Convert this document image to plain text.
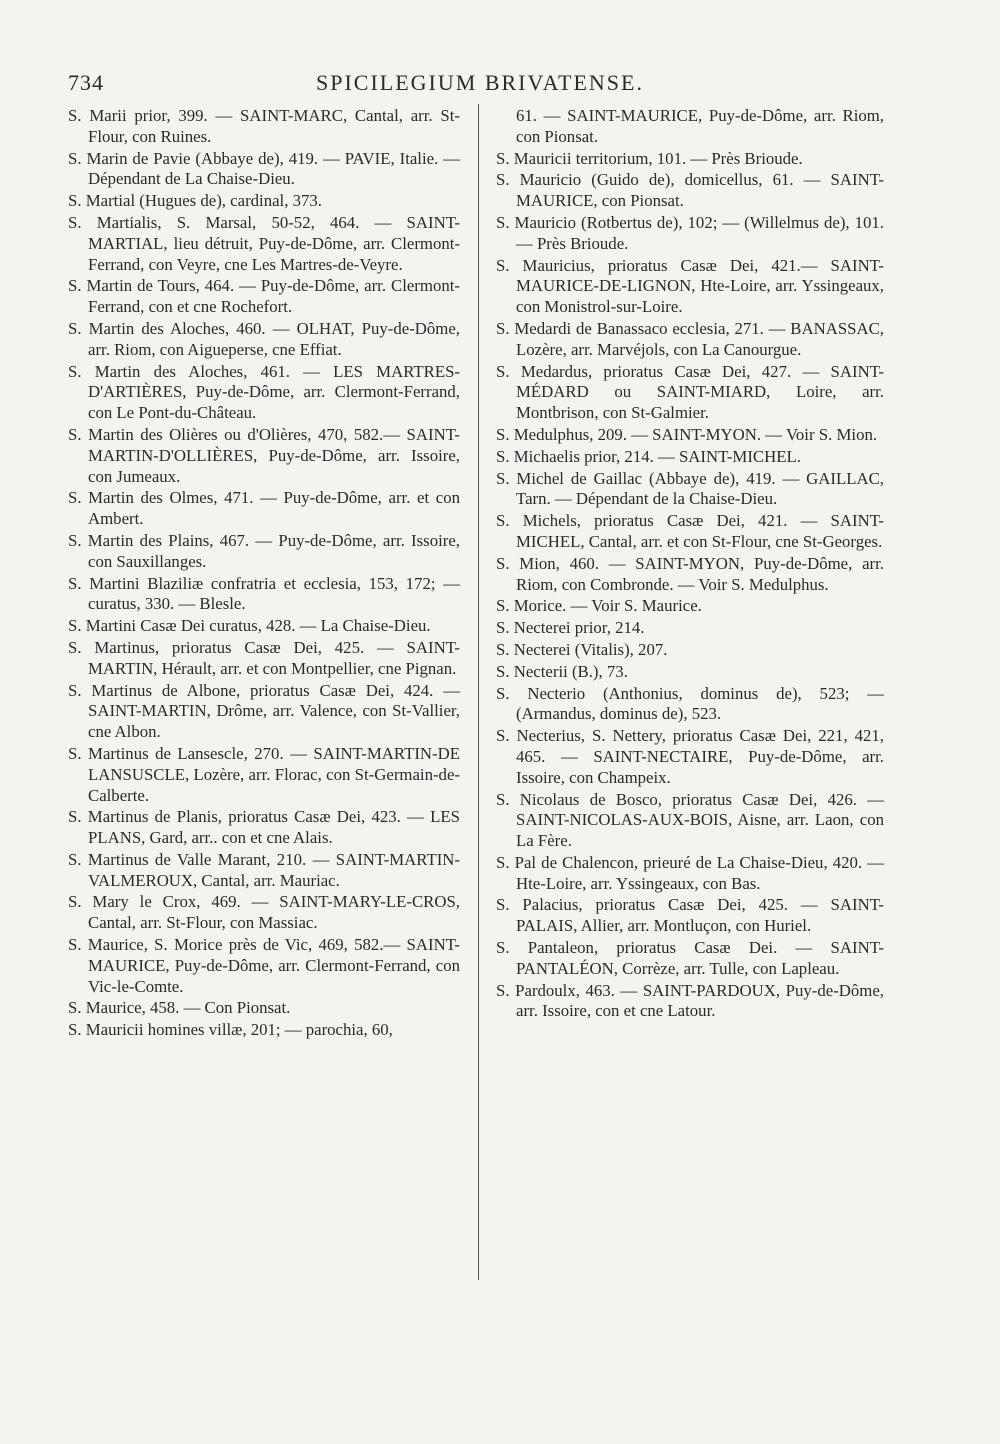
734	SPICILEGIUM BRIVATENSE.

S. Marii prior, 399. — SAINT-MARC, Cantal, arr. St-Flour, con Ruines.

S. Marin de Pavie (Abbaye de), 419. — PAVIE, Italie. — Dépendant de La Chaise-Dieu.

S. Martial (Hugues de), cardinal, 373.

S. Martialis, S. Marsal, 50-52, 464. — SAINT-MARTIAL, lieu détruit, Puy-de-Dôme, arr. Clermont-Ferrand, con Veyre, cne Les Martres-de-Veyre.

S. Martin de Tours, 464. — Puy-de-Dôme, arr. Clermont-Ferrand, con et cne Rochefort.

S. Martin des Aloches, 460. — OLHAT, Puy-de-Dôme, arr. Riom, con Aigueperse, cne Effiat.

S. Martin des Aloches, 461. — LES MARTRES-D'ARTIÈRES, Puy-de-Dôme, arr. Clermont-Ferrand, con Le Pont-du-Château.

S. Martin des Olières ou d'Olières, 470, 582.— SAINT-MARTIN-D'OLLIÈRES, Puy-de-Dôme, arr. Issoire, con Jumeaux.

S. Martin des Olmes, 471. — Puy-de-Dôme, arr. et con Ambert.

S. Martin des Plains, 467. — Puy-de-Dôme, arr. Issoire, con Sauxillanges.

S. Martini Blaziliæ confratria et ecclesia, 153, 172; — curatus, 330. — Blesle.

S. Martini Casæ Dei curatus, 428. — La Chaise-Dieu.

S. Martinus, prioratus Casæ Dei, 425. — SAINT-MARTIN, Hérault, arr. et con Montpellier, cne Pignan.

S. Martinus de Albone, prioratus Casæ Dei, 424. — SAINT-MARTIN, Drôme, arr. Valence, con St-Vallier, cne Albon.

S. Martinus de Lansescle, 270. — SAINT-MARTIN-DE LANSUSCLE, Lozère, arr. Florac, con St-Germain-de-Calberte.

S. Martinus de Planis, prioratus Casæ Dei, 423. — LES PLANS, Gard, arr.. con et cne Alais.

S. Martinus de Valle Marant, 210. — SAINT-MARTIN-VALMEROUX, Cantal, arr. Mauriac.

S. Mary le Crox, 469. — SAINT-MARY-LE-CROS, Cantal, arr. St-Flour, con Massiac.

S. Maurice, S. Morice près de Vic, 469, 582.— SAINT-MAURICE, Puy-de-Dôme, arr. Clermont-Ferrand, con Vic-le-Comte.

S. Maurice, 458. — Con Pionsat.

S. Mauricii homines villæ, 201; — parochia, 60,

61. — SAINT-MAURICE, Puy-de-Dôme, arr. Riom, con Pionsat.

S. Mauricii territorium, 101. — Près Brioude.

S. Mauricio (Guido de), domicellus, 61. — SAINT-MAURICE, con Pionsat.

S. Mauricio (Rotbertus de), 102; — (Willelmus de), 101. — Près Brioude.

S. Mauricius, prioratus Casæ Dei, 421.— SAINT-MAURICE-DE-LIGNON, Hte-Loire, arr. Yssingeaux, con Monistrol-sur-Loire.

S. Medardi de Banassaco ecclesia, 271. — BANASSAC, Lozère, arr. Marvéjols, con La Canourgue.

S. Medardus, prioratus Casæ Dei, 427. — SAINT-MÉDARD ou SAINT-MIARD, Loire, arr. Montbrison, con St-Galmier.

S. Medulphus, 209. — SAINT-MYON. — Voir S. Mion.

S. Michaelis prior, 214. — SAINT-MICHEL.

S. Michel de Gaillac (Abbaye de), 419. — GAILLAC, Tarn. — Dépendant de la Chaise-Dieu.

S. Michels, prioratus Casæ Dei, 421. — SAINT-MICHEL, Cantal, arr. et con St-Flour, cne St-Georges.

S. Mion, 460. — SAINT-MYON, Puy-de-Dôme, arr. Riom, con Combronde. — Voir S. Medulphus.

S. Morice. — Voir S. Maurice.

S. Necterei prior, 214.

S. Necterei (Vitalis), 207.

S. Necterii (B.), 73.

S. Necterio (Anthonius, dominus de), 523; — (Armandus, dominus de), 523.

S. Necterius, S. Nettery, prioratus Casæ Dei, 221, 421, 465. — SAINT-NECTAIRE, Puy-de-Dôme, arr. Issoire, con Champeix.

S. Nicolaus de Bosco, prioratus Casæ Dei, 426. — SAINT-NICOLAS-AUX-BOIS, Aisne, arr. Laon, con La Fère.

S. Pal de Chalencon, prieuré de La Chaise-Dieu, 420. — Hte-Loire, arr. Yssingeaux, con Bas.

S. Palacius, prioratus Casæ Dei, 425. — SAINT-PALAIS, Allier, arr. Montluçon, con Huriel.

S. Pantaleon, prioratus Casæ Dei. — SAINT-PANTALÉON, Corrèze, arr. Tulle, con Lapleau.

S. Pardoulx, 463. — SAINT-PARDOUX, Puy-de-Dôme, arr. Issoire, con et cne Latour.
